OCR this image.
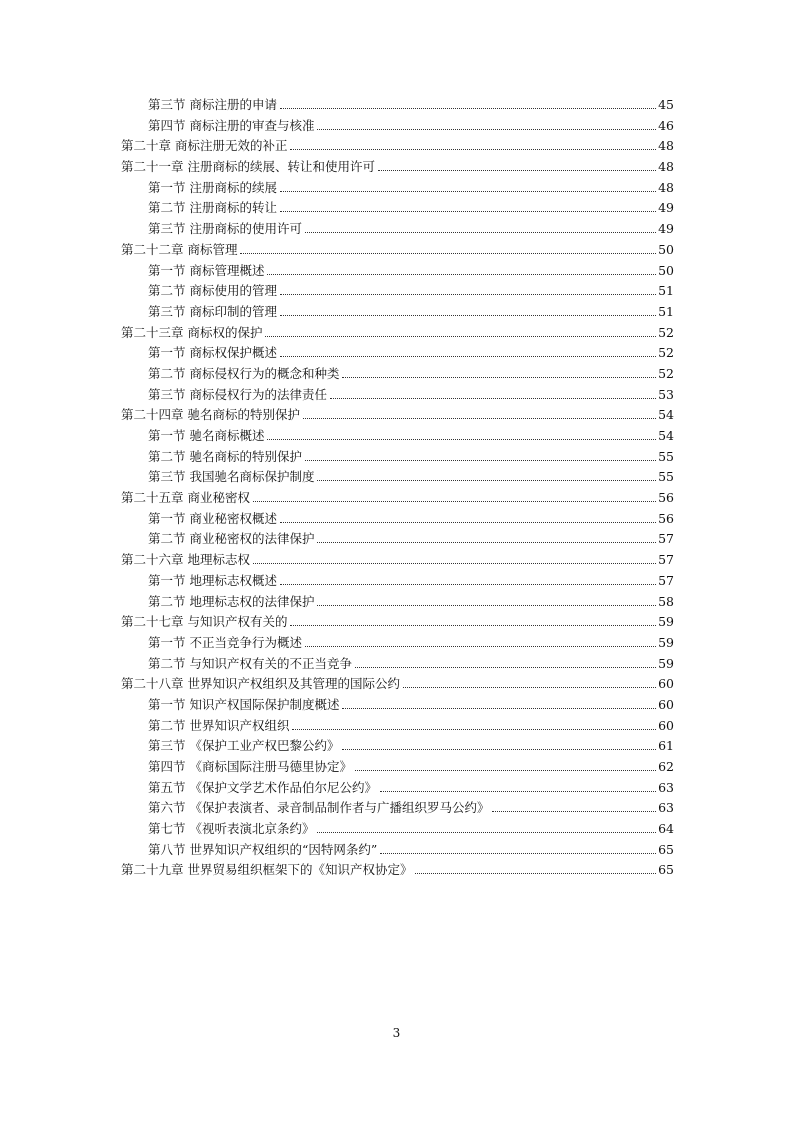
第三节 商标注册的申请	45
第四节 商标注册的审查与核准	46
第二十章 商标注册无效的补正	48
第二十一章 注册商标的续展、转让和使用许可	48
第一节 注册商标的续展	48
第二节 注册商标的转让	49
第三节 注册商标的使用许可	49
第二十二章 商标管理	50
第一节 商标管理概述	50
第二节 商标使用的管理	51
第三节 商标印制的管理	51
第二十三章 商标权的保护	52
第一节 商标权保护概述	52
第二节 商标侵权行为的概念和种类	52
第三节 商标侵权行为的法律责任	53
第二十四章 驰名商标的特别保护	54
第一节 驰名商标概述	54
第二节 驰名商标的特别保护	55
第三节 我国驰名商标保护制度	55
第二十五章 商业秘密权	56
第一节 商业秘密权概述	56
第二节 商业秘密权的法律保护	57
第二十六章 地理标志权	57
第一节 地理标志权概述	57
第二节 地理标志权的法律保护	58
第二十七章 与知识产权有关的	59
第一节 不正当竞争行为概述	59
第二节 与知识产权有关的不正当竞争	59
第二十八章 世界知识产权组织及其管理的国际公约	60
第一节 知识产权国际保护制度概述	60
第二节 世界知识产权组织	60
第三节 《保护工业产权巴黎公约》	61
第四节 《商标国际注册马德里协定》	62
第五节 《保护文学艺术作品伯尔尼公约》	63
第六节 《保护表演者、录音制品制作者与广播组织罗马公约》	63
第七节 《视听表演北京条约》	64
第八节 世界知识产权组织的“因特网条约”	65
第二十九章 世界贸易组织框架下的《知识产权协定》	65
3
